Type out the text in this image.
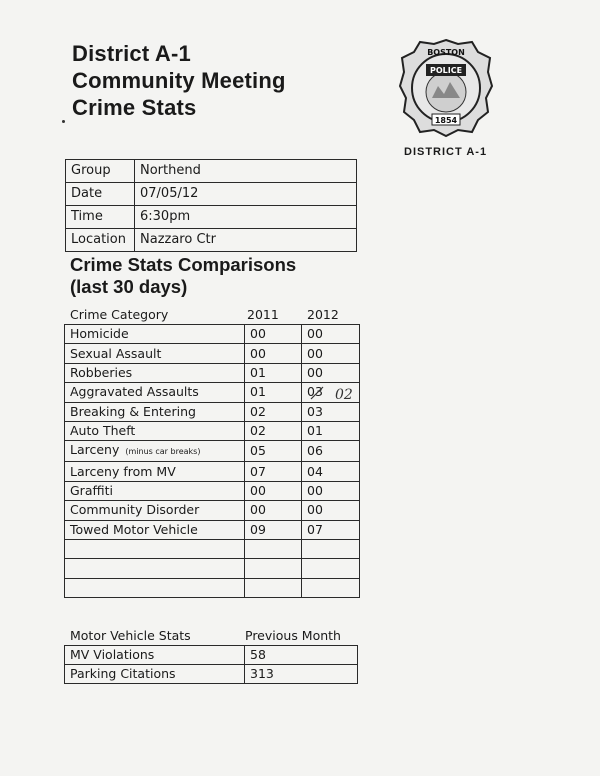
District A-1
Community Meeting
Crime Stats
POLICE
BOSTON
1854
DISTRICT A-1
Group	Northend
Date	07/05/12
Time	6:30pm
Location	Nazzaro Ctr
Crime Stats Comparisons
(last 30 days)
Crime Category	2011 2012
Homicide	00	00
Sexual Assault	00	00
Robberies	01	00
Aggravated Assaults	01	03
Breaking & Entering	02	03
Auto Theft	02	01
Larceny (minus car breaks)	05	06
Larceny from MV	07	04
Graffiti	00	00
Community Disorder	00	00
Towed Motor Vehicle	09	07

02
Motor Vehicle Stats	Previous Month
MV Violations	58
Parking Citations	313
